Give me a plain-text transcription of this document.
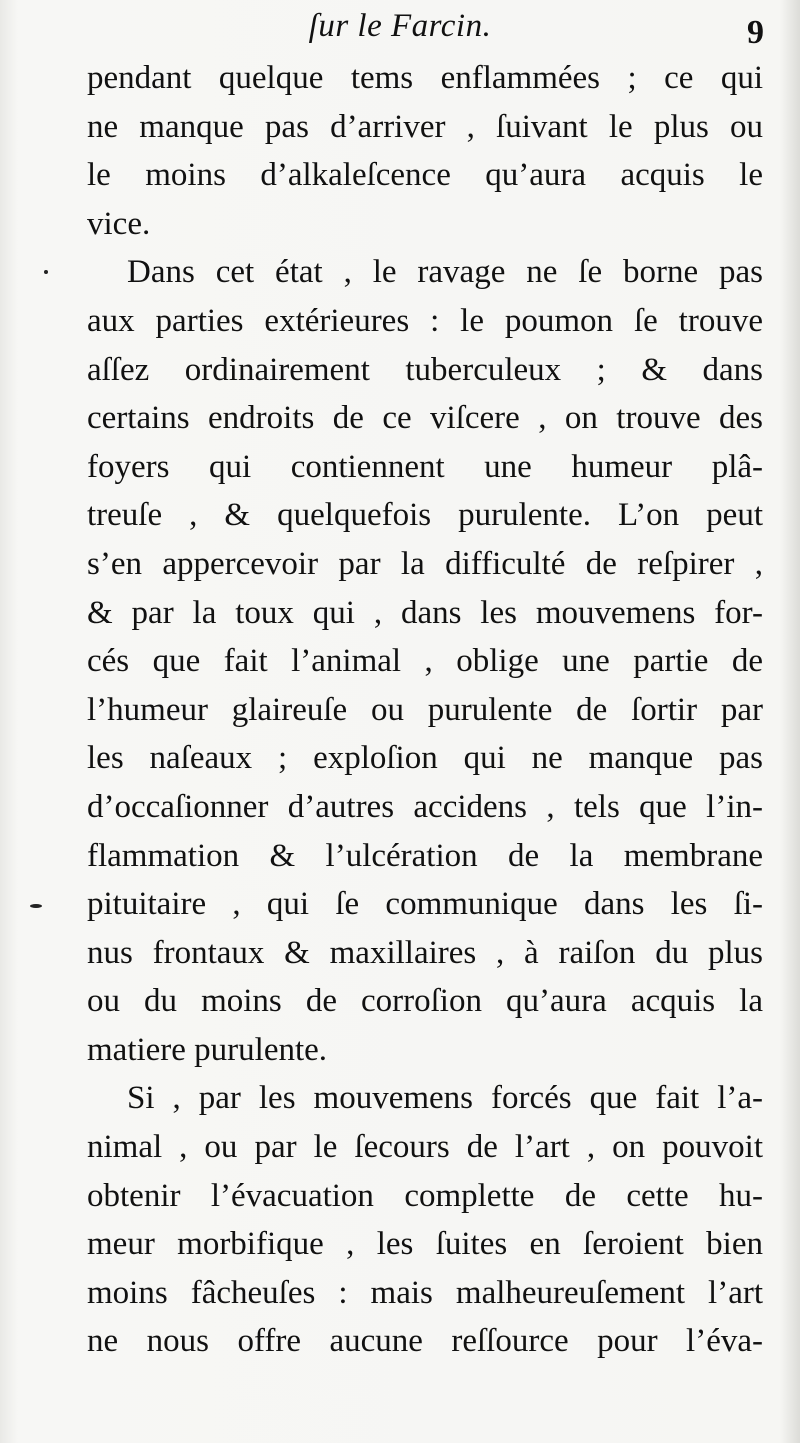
ſur le Farcin.	9
pendant quelque tems enflammées ; ce qui
ne manque pas d’arriver , ſuivant le plus ou
le moins d’alkaleſcence qu’aura acquis le
vice.
Dans cet état , le ravage ne ſe borne pas
aux parties extérieures : le poumon ſe trouve
aſſez ordinairement tuberculeux ; & dans
certains endroits de ce viſcere , on trouve des
foyers qui contiennent une humeur plâ-
treuſe , & quelquefois purulente. L’on peut
s’en appercevoir par la difficulté de reſpirer ,
& par la toux qui , dans les mouvemens for-
cés que fait l’animal , oblige une partie de
l’humeur glaireuſe ou purulente de ſortir par
les naſeaux ; exploſion qui ne manque pas
d’occaſionner d’autres accidens , tels que l’in-
flammation & l’ulcération de la membrane
pituitaire , qui ſe communique dans les ſi-
nus frontaux & maxillaires , à raiſon du plus
ou du moins de corroſion qu’aura acquis la
matiere purulente.
Si , par les mouvemens forcés que fait l’a-
nimal , ou par le ſecours de l’art , on pouvoit
obtenir l’évacuation complette de cette hu-
meur morbifique , les ſuites en ſeroient bien
moins fâcheuſes : mais malheureuſement l’art
ne nous offre aucune reſſource pour l’éva-
